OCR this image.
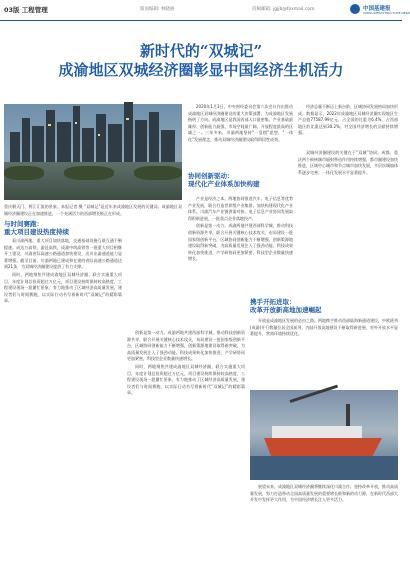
03版 工程管理	版面编辑: 林晓丽	投稿邮箱: jgjjb@foxmail.com	中国基建报
CHINA INFRASTRUCTURE NEWS
新时代的“双城记”
成渝地区双城经济圈彰显中国经济生机活力
重庆朝天门、两江汇流的景象。本报记者 摄 “双城记”是近年来成渝地区发展的关键词。成渝地区双城经济圈建设正在加速推进，一个充满活力的西部增长极正在形成。

2020年1月3日，中央财经委员会第六次会议作出推动成渝地区双城经济圈建设的重大决策部署，为成渝地区发展指明了方向。成渝地区是我国西部人口最密集、产业基础最雄厚、创新能力最强、市场空间最广阔、开放程度最高的区域之一。三年多来，川渝两地坚持“一盘棋”思想、“一体化”发展理念，推动双城经济圈建设取得阶段性成效。

经济总量不断迈上新台阶，区域协同发展格局加快形成。数据显示，2022年成渝地区双城经济圈实现地区生产总值77587.99亿元，占全国的比重为6.4%，占西部地区的比重达到30.2%，对全国经济增长的贡献持续增强。

协同创新驱动：
现代化产业体系加快构建
与时间赛跑：
重大项目建设热度持续

看川渝两地，重大项目加快落地，交通基础设施互联互通不断提速。成达万高铁、渝昆高铁、成渝中线高铁等一批重大项目相继开工建设，川渝省际高速公路通道加快建设，出川出渝通道能力显著增强。截至目前，川渝两地已建成和在建的省际高速公路通道达到21条，为双城经济圈建设提供了有力支撑。

同时，两地聚焦共建成渝地区双城经济圈，联合实施重大项目，年度计划总投资超过万亿元，项目建设持续保持较高热度，工程建设现场一派繁忙景象，有力地推动了区域经济高质量发展。建设者们与时间赛跑，以实际行动书写着新时代“双城记”的精彩篇章。

产业是经济之本。两地协同推进汽车、电子信息等优势产业发展，联合打造世界级产业集群，加快构建现代化产业体系。川渝汽车产业链供需对接、电子信息产业协同发展取得积极进展，一批重点企业落地投产。

创新是第一动力。成渝两地共建西部科学城，推动科技创新资源共享，联合开展关键核心技术攻关，布局建设一批国家级创新平台，区域协同创新能力不断增强，创新策源地建设取得新突破，为高质量发展注入了强劲动能。科技成果转化加快推进，产学研协同更加紧密，科技型企业数量快速增长。

双城经济圈建设的关键在于“双城”协同。成都、重庆两个极核城市辐射带动作用持续增强，都市圈建设加快推进，区域中心城市和节点城市加快发展，多层次城镇体系逐步完善，一体化发展水平显著提升。

携手开拓进取：
改革开放新高地加速崛起

开放是成渝地区发展的必由之路。两地携手推动西部陆海新通道建设，中欧班列(成渝)开行数量位居全国前列，内陆开放高地建设不断取得新进展，对外开放水平显著提升，营商环境持续优化。

创新是第一动力。成渝两地共建西部科学城，推动科技创新资源共享，联合开展关键核心技术攻关，布局建设一批国家级创新平台，区域协同创新能力不断增强，创新策源地建设取得新突破，为高质量发展注入了强劲动能。科技成果转化加快推进，产学研协同更加紧密，科技型企业数量快速增长。

同时，两地聚焦共建成渝地区双城经济圈，联合实施重大项目，年度计划总投资超过万亿元，项目建设持续保持较高热度，工程建设现场一派繁忙景象，有力地推动了区域经济高质量发展。建设者们与时间赛跑，以实际行动书写着新时代“双城记”的精彩篇章。

展望未来，成渝地区双城经济圈将继续深化川渝合作，坚持改革开放，推动高质量发展，努力打造带动全国高质量发展的重要增长极和新的动力源，在新时代西部大开发中发挥更大作用，为中国经济增长注入更多活力。
